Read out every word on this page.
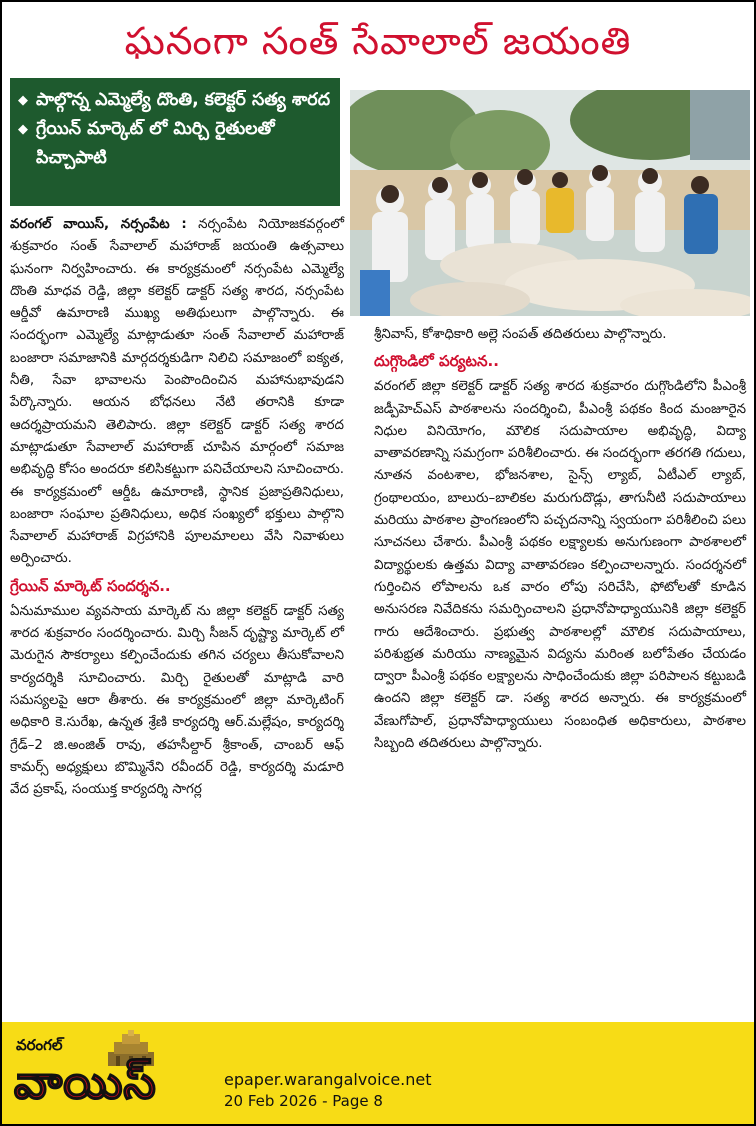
ఘనంగా సంత్ సేవాలాల్ జయంతి
◆ పాల్గొన్న ఎమ్మెల్యే దొంతి, కలెక్టర్ సత్య శారద
◆ గ్రేయిన్ మార్కెట్ లో మిర్చి రైతులతో పిచ్చాపాటి

వరంగల్ వాయిస్, నర్సంపేట : నర్సంపేట నియోజకవర్గంలో శుక్రవారం సంత్ సేవాలాల్ మహారాజ్ జయంతి ఉత్సవాలు ఘనంగా నిర్వహించారు. ఈ కార్యక్రమంలో నర్సంపేట ఎమ్మెల్యే దొంతి మాధవ రెడ్డి, జిల్లా కలెక్టర్ డాక్టర్ సత్య శారద, నర్సంపేట ఆర్డీవో ఉమారాణి ముఖ్య అతిథులుగా పాల్గొన్నారు. ఈ సందర్భంగా ఎమ్మెల్యే మాట్లాడుతూ సంత్ సేవాలాల్ మహారాజ్ బంజారా సమాజానికి మార్గదర్శకుడిగా నిలిచి సమాజంలో ఐక్యత, నీతి, సేవా భావాలను పెంపొందించిన మహానుభావుడని పేర్కొన్నారు. ఆయన బోధనలు నేటి తరానికి కూడా ఆదర్శప్రాయమని తెలిపారు. జిల్లా కలెక్టర్ డాక్టర్ సత్య శారద మాట్లాడుతూ సేవాలాల్ మహారాజ్ చూపిన మార్గంలో సమాజ అభివృద్ధి కోసం అందరూ కలిసికట్టుగా పనిచేయాలని సూచించారు. ఈ కార్యక్రమంలో ఆర్డీఓ ఉమారాణి, స్థానిక ప్రజాప్రతినిధులు, బంజారా సంఘాల ప్రతినిధులు, అధిక సంఖ్యలో భక్తులు పాల్గొని సేవాలాల్ మహారాజ్ విగ్రహానికి పూలమాలలు వేసి నివాళులు అర్పించారు.

గ్రేయిన్ మార్కెట్ సందర్శన..

ఏనుమాముల వ్యవసాయ మార్కెట్ ను జిల్లా కలెక్టర్ డాక్టర్ సత్య శారద శుక్రవారం సందర్శించారు. మిర్చి సీజన్ దృష్ట్యా మార్కెట్ లో మెరుగైన సౌకర్యాలు కల్పించేందుకు తగిన చర్యలు తీసుకోవాలని కార్యదర్శికి సూచించారు. మిర్చి రైతులతో మాట్లాడి వారి సమస్యలపై ఆరా తీశారు. ఈ కార్యక్రమంలో జిల్లా మార్కెటింగ్ అధికారి కె.సురేఖ, ఉన్నత శ్రేణి కార్యదర్శి ఆర్.మల్లేషం, కార్యదర్శి గ్రేడ్–2 జి.అంజిత్ రావు, తహసీల్దార్ శ్రీకాంత్, చాంబర్ ఆఫ్ కామర్స్ అధ్యక్షులు బొమ్మినేని రవీందర్ రెడ్డి, కార్యదర్శి మడూరి వేద ప్రకాష్, సంయుక్త కార్యదర్శి సాగర్ల

శ్రీనివాస్, కోశాధికారి అల్లె సంపత్ తదితరులు పాల్గొన్నారు.

దుగ్గొండిలో పర్యటన..

వరంగల్ జిల్లా కలెక్టర్ డాక్టర్ సత్య శారద శుక్రవారం దుగ్గొండిలోని పీఎంశ్రీ జడ్పీహెచ్ఎస్ పాఠశాలను సందర్శించి, పీఎంశ్రీ పథకం కింద మంజూరైన నిధుల వినియోగం, మౌలిక సదుపాయాల అభివృద్ధి, విద్యా వాతావరణాన్ని సమగ్రంగా పరిశీలించారు. ఈ సందర్భంగా తరగతి గదులు, నూతన వంటశాల, భోజనశాల, సైన్స్ ల్యాబ్, ఏటీఎల్ ల్యాబ్, గ్రంథాలయం, బాలురు–బాలికల మరుగుదొడ్లు, తాగునీటి సదుపాయాలు మరియు పాఠశాల ప్రాంగణంలోని పచ్చదనాన్ని స్వయంగా పరిశీలించి పలు సూచనలు చేశారు. పీఎంశ్రీ పథకం లక్ష్యాలకు అనుగుణంగా పాఠశాలలో విద్యార్థులకు ఉత్తమ విద్యా వాతావరణం కల్పించాలన్నారు. సందర్శనలో గుర్తించిన లోపాలను ఒక వారం లోపు సరిచేసి, ఫోటోలతో కూడిన అనుసరణ నివేదికను సమర్పించాలని ప్రధానోపాధ్యాయునికి జిల్లా కలెక్టర్ గారు ఆదేశించారు. ప్రభుత్వ పాఠశాలల్లో మౌలిక సదుపాయాలు, పరిశుభ్రత మరియు నాణ్యమైన విద్యను మరింత బలోపేతం చేయడం ద్వారా పీఎంశ్రీ పథకం లక్ష్యాలను సాధించేందుకు జిల్లా పరిపాలన కట్టుబడి ఉందని జిల్లా కలెక్టర్ డా. సత్య శారద అన్నారు. ఈ కార్యక్రమంలో వేణుగోపాల్, ప్రధానోపాధ్యాయులు సంబంధిత అధికారులు, పాఠశాల సిబ్బంది తదితరులు పాల్గొన్నారు.

వరంగల్
వాయిస్	epaper.warangalvoice.net
20 Feb 2026 - Page 8
